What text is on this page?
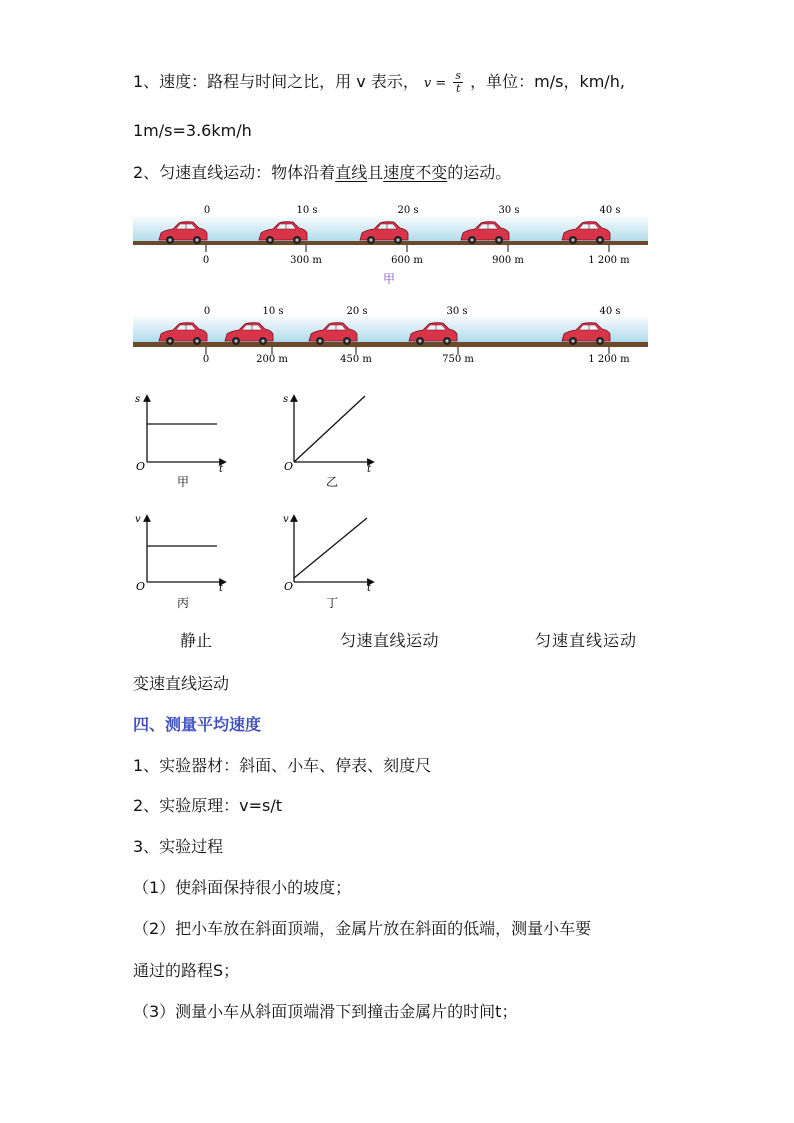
1、速度：路程与时间之比，用 v 表示， $v = \frac{s}{t}$ ，单位：m/s，km/h,
1m/s=3.6km/h
2、匀速直线运动：物体沿着直线且速度不变的运动。
0
0
10 s
300 m
20 s
600 m
30 s
900 m
40 s
1 200 m
甲
0
0
10 s
200 m
20 s
450 m
30 s
750 m
40 s
1 200 m
s
t
O
甲
s
t
O
乙
v
t
O
丙
v
t
O
丁
静止	匀速直线运动	匀速直线运动
变速直线运动
四、测量平均速度
1、实验器材：斜面、小车、停表、刻度尺
2、实验原理：v=s/t
3、实验过程
（1）使斜面保持很小的坡度；
（2）把小车放在斜面顶端，金属片放在斜面的低端，测量小车要
通过的路程S；
（3）测量小车从斜面顶端滑下到撞击金属片的时间t；
